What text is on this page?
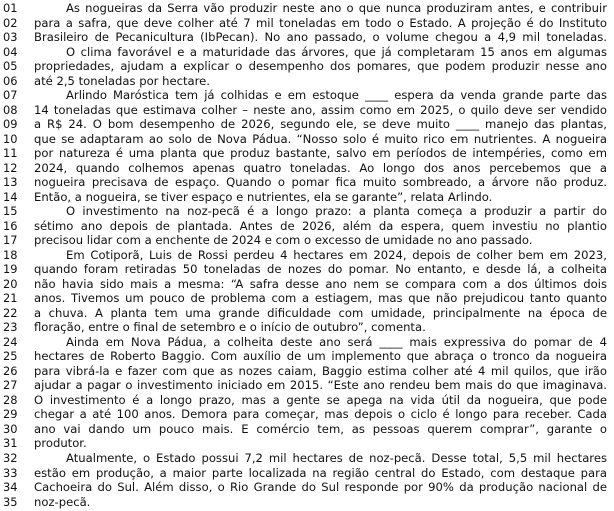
01	As nogueiras da Serra vão produzir neste ano o que nunca produziram antes, e contribuir
02	para a safra, que deve colher até 7 mil toneladas em todo o Estado. A projeção é do Instituto
03	Brasileiro de Pecanicultura (IbPecan). No ano passado, o volume chegou a 4,9 mil toneladas.
04	O clima favorável e a maturidade das árvores, que já completaram 15 anos em algumas
05	propriedades, ajudam a explicar o desempenho dos pomares, que podem produzir nesse ano
06	até 2,5 toneladas por hectare.
07	Arlindo Maróstica tem já colhidas e em estoque ____ espera da venda grande parte das
08	14 toneladas que estimava colher – neste ano, assim como em 2025, o quilo deve ser vendido
09	a R$ 24. O bom desempenho de 2026, segundo ele, se deve muito ____ manejo das plantas,
10	que se adaptaram ao solo de Nova Pádua. “Nosso solo é muito rico em nutrientes. A nogueira
11	por natureza é uma planta que produz bastante, salvo em períodos de intempéries, como em
12	2024, quando colhemos apenas quatro toneladas. Ao longo dos anos percebemos que a
13	nogueira precisava de espaço. Quando o pomar fica muito sombreado, a árvore não produz.
14	Então, a nogueira, se tiver espaço e nutrientes, ela se garante”, relata Arlindo.
15	O investimento na noz-pecã é a longo prazo: a planta começa a produzir a partir do
16	sétimo ano depois de plantada. Antes de 2026, além da espera, quem investiu no plantio
17	precisou lidar com a enchente de 2024 e com o excesso de umidade no ano passado.
18	Em Cotiporã, Luis de Rossi perdeu 4 hectares em 2024, depois de colher bem em 2023,
19	quando foram retiradas 50 toneladas de nozes do pomar. No entanto, e desde lá, a colheita
20	não havia sido mais a mesma: “A safra desse ano nem se compara com a dos últimos dois
21	anos. Tivemos um pouco de problema com a estiagem, mas que não prejudicou tanto quanto
22	a chuva. A planta tem uma grande dificuldade com umidade, principalmente na época de
23	floração, entre o final de setembro e o início de outubro”, comenta.
24	Ainda em Nova Pádua, a colheita deste ano será ____ mais expressiva do pomar de 4
25	hectares de Roberto Baggio. Com auxílio de um implemento que abraça o tronco da nogueira
26	para vibrá-la e fazer com que as nozes caiam, Baggio estima colher até 4 mil quilos, que irão
27	ajudar a pagar o investimento iniciado em 2015. “Este ano rendeu bem mais do que imaginava.
28	O investimento é a longo prazo, mas a gente se apega na vida útil da nogueira, que pode
29	chegar a até 100 anos. Demora para começar, mas depois o ciclo é longo para receber. Cada
30	ano vai dando um pouco mais. E comércio tem, as pessoas querem comprar”, garante o
31	produtor.
32	Atualmente, o Estado possui 7,2 mil hectares de noz-pecã. Desse total, 5,5 mil hectares
33	estão em produção, a maior parte localizada na região central do Estado, com destaque para
34	Cachoeira do Sul. Além disso, o Rio Grande do Sul responde por 90% da produção nacional de
35	noz-pecã.
